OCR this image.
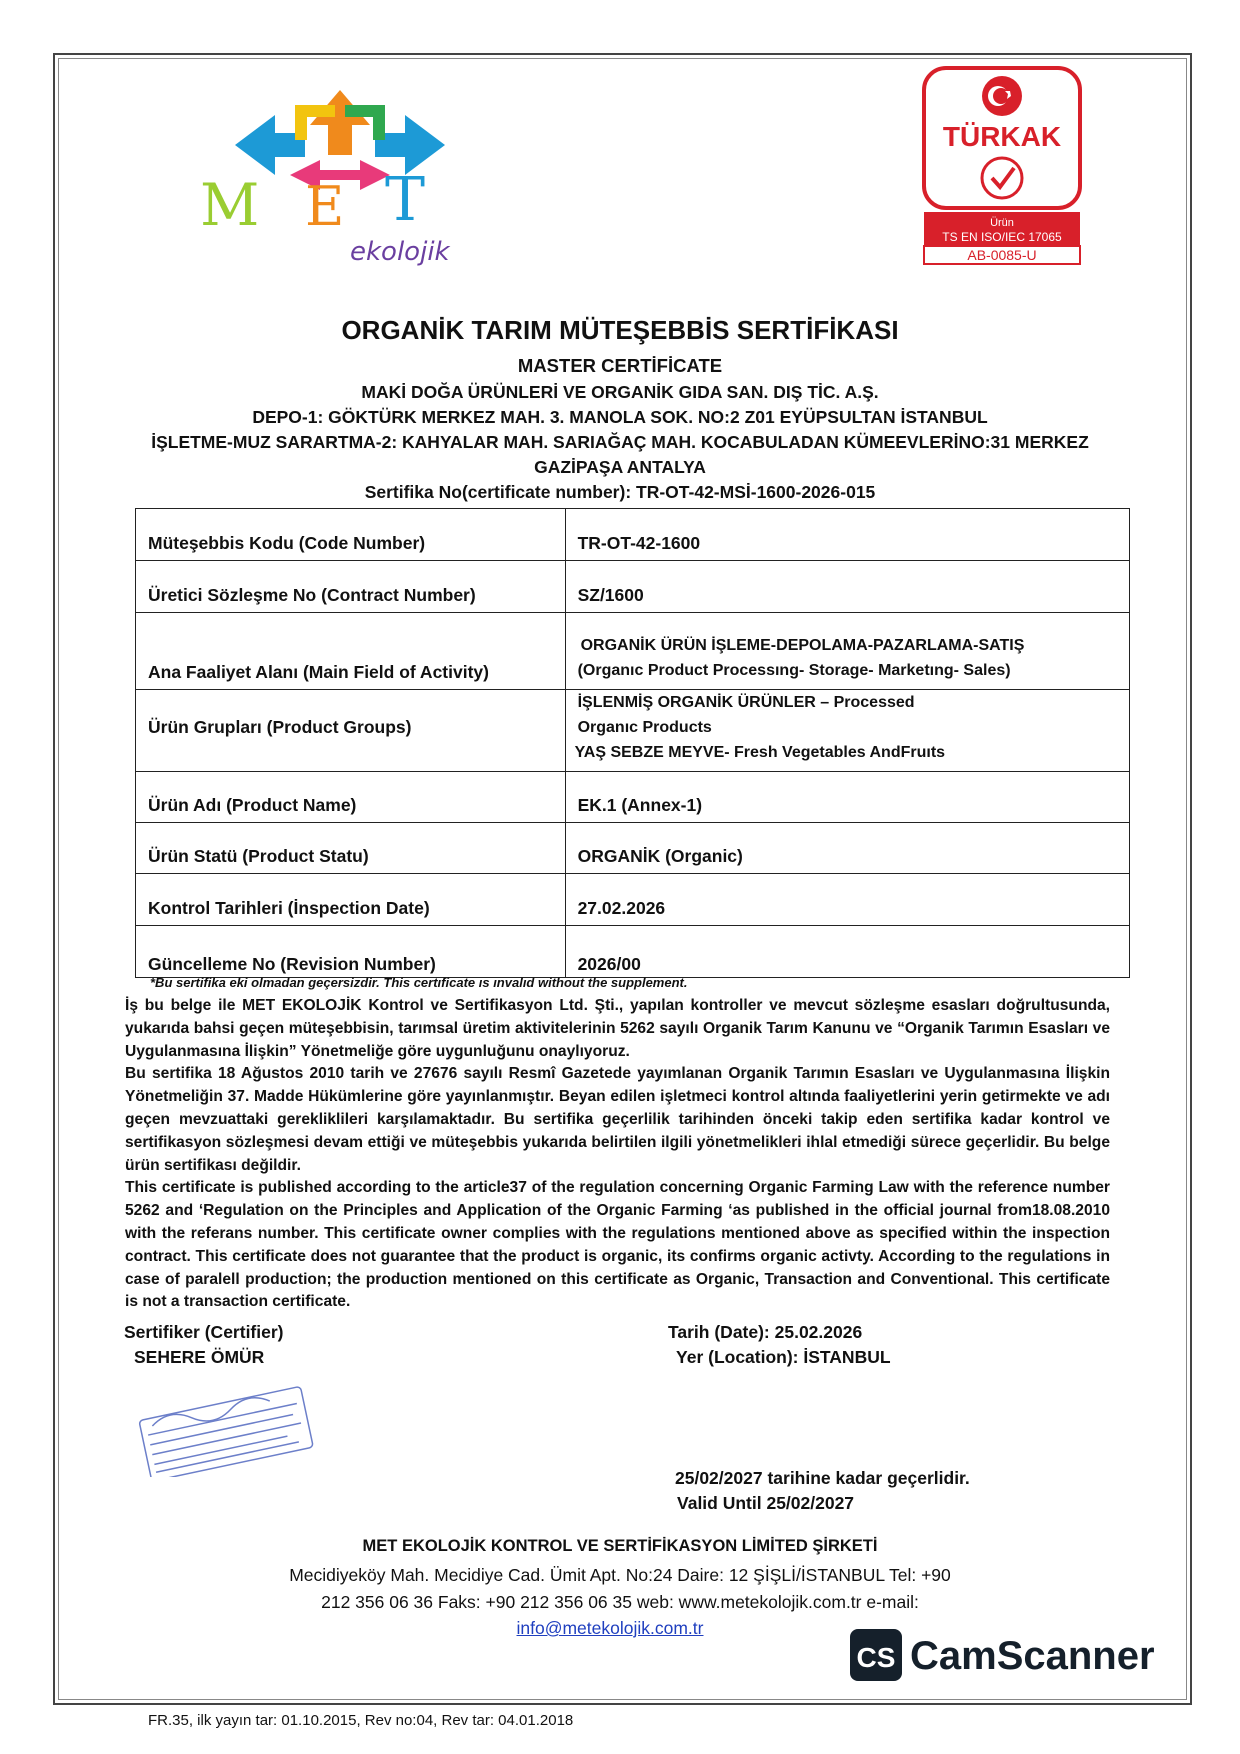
M E T
ekolojik
TÜRKAK
Ürün
TS EN ISO/IEC 17065
AB-0085-U
ORGANİK TARIM MÜTEŞEBBİS SERTİFİKASI
MASTER CERTİFİCATE
MAKİ DOĞA ÜRÜNLERİ VE ORGANİK GIDA SAN. DIŞ TİC. A.Ş.
DEPO-1: GÖKTÜRK MERKEZ MAH. 3. MANOLA SOK. NO:2 Z01 EYÜPSULTAN İSTANBUL
İŞLETME-MUZ SARARTMA-2: KAHYALAR MAH. SARIAĞAÇ MAH. KOCABULADAN KÜMEEVLERİNO:31 MERKEZ
GAZİPAŞA ANTALYA
Sertifika No(certificate number): TR-OT-42-MSİ-1600-2026-015
Müteşebbis Kodu (Code Number)	TR-OT-42-1600
Üretici Sözleşme No (Contract Number)	SZ/1600
Ana Faaliyet Alanı (Main Field of Activity)	ORGANİK ÜRÜN İŞLEME-DEPOLAMA-PAZARLAMA-SATIŞ
(Organıc Product Processıng- Storage- Marketıng- Sales)

Ürün Grupları (Product Groups)	İŞLENMİŞ ORGANİK ÜRÜNLER – Processed
Organıc Products
YAŞ SEBZE MEYVE- Fresh Vegetables AndFruıts

Ürün Adı (Product Name)	EK.1 (Annex-1)
Ürün Statü (Product Statu)	ORGANİK (Organic)
Kontrol Tarihleri (İnspection Date)	27.02.2026
Güncelleme No (Revision Number)	2026/00
*Bu sertifika eki olmadan geçersizdir. This certıficate ıs ınvalıd without the supplement.

İş bu belge ile MET EKOLOJİK Kontrol ve Sertifikasyon Ltd. Şti., yapılan kontroller ve mevcut sözleşme esasları doğrultusunda, yukarıda bahsi geçen müteşebbisin, tarımsal üretim aktivitelerinin 5262 sayılı Organik Tarım Kanunu ve “Organik Tarımın Esasları ve Uygulanmasına İlişkin” Yönetmeliğe göre uygunluğunu onaylıyoruz.

Bu sertifika 18 Ağustos 2010 tarih ve 27676 sayılı Resmî Gazetede yayımlanan Organik Tarımın Esasları ve Uygulanmasına İlişkin Yönetmeliğin 37. Madde Hükümlerine göre yayınlanmıştır. Beyan edilen işletmeci kontrol altında faaliyetlerini yerin getirmekte ve adı geçen mevzuattaki gerekliklileri karşılamaktadır. Bu sertifika geçerlilik tarihinden önceki takip eden sertifika kadar kontrol ve sertifikasyon sözleşmesi devam ettiği ve müteşebbis yukarıda belirtilen ilgili yönetmelikleri ihlal etmediği sürece geçerlidir. Bu belge ürün sertifikası değildir.

This certificate is published according to the article37 of the regulation concerning Organic Farming Law with the reference number 5262 and ‘Regulation on the Principles and Application of the Organic Farming ‘as published in the official journal from18.08.2010 with the referans number. This certificate owner complies with the regulations mentioned above as specified within the inspection contract. This certificate does not guarantee that the product is organic, its confirms organic activty. According to the regulations in case of paralell production; the production mentioned on this certificate as Organic, Transaction and Conventional. This certificate is not a transaction certificate.

Sertifiker (Certifier)
SEHERE ÖMÜR
Tarih (Date): 25.02.2026
Yer (Location): İSTANBUL
25/02/2027 tarihine kadar geçerlidir.
Valid Until 25/02/2027
MET EKOLOJİK KONTROL VE SERTİFİKASYON LİMİTED ŞİRKETİ
Mecidiyeköy Mah. Mecidiye Cad. Ümit Apt. No:24 Daire: 12 ŞİŞLİ/İSTANBUL Tel: +90
212 356 06 36 Faks: +90 212 356 06 35 web: www.metekolojik.com.tr e-mail:
info@metekolojik.com.tr
CS CamScanner
FR.35, ilk yayın tar: 01.10.2015, Rev no:04, Rev tar: 04.01.2018
